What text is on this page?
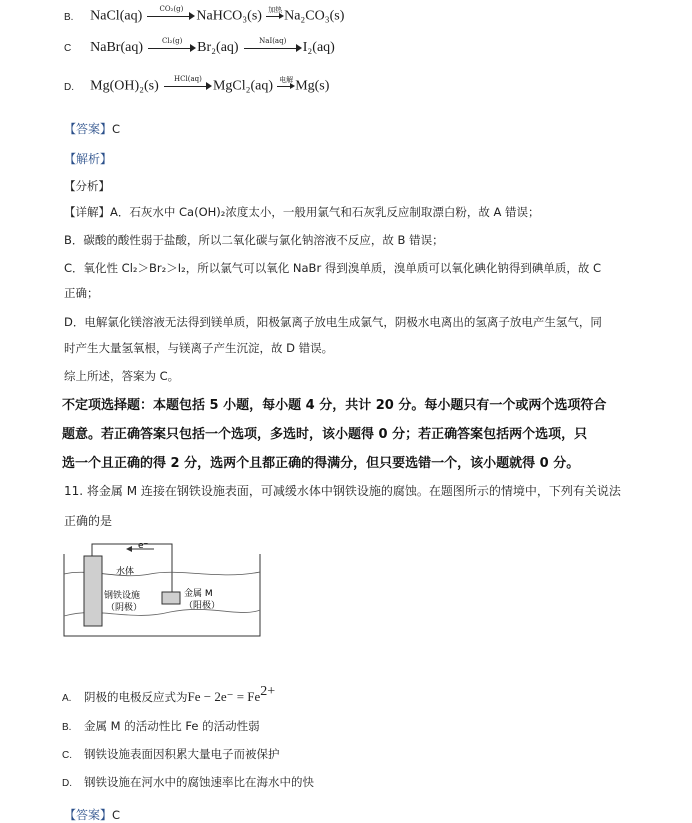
B. NaCl(aq)	CO₂(g) NaHCO₃(s) 加热 Na₂CO₃(s)
C NaBr(aq)	Cl₂(g)	Br₂(aq)	NaI(aq)	I₂(aq)
D. Mg(OH)₂(s)	HCl(aq) MgCl₂(aq) 电解 Mg(s)
【答案】C
【解析】
【分析】
【详解】A．石灰水中 Ca(OH)₂浓度太小，一般用氯气和石灰乳反应制取漂白粉，故 A 错误；
B．碳酸的酸性弱于盐酸，所以二氧化碳与氯化钠溶液不反应，故 B 错误；
C．氧化性 Cl₂＞Br₂＞I₂，所以氯气可以氧化 NaBr 得到溴单质，溴单质可以氧化碘化钠得到碘单质，故 C
正确；
D．电解氯化镁溶液无法得到镁单质，阳极氯离子放电生成氯气，阴极水电离出的氢离子放电产生氢气，同
时产生大量氢氧根，与镁离子产生沉淀，故 D 错误。
综上所述，答案为 C。
不定项选择题：本题包括 5 小题，每小题 4 分，共计 20 分。每小题只有一个或两个选项符合
题意。若正确答案只包括一个选项，多选时，该小题得 0 分；若正确答案包括两个选项，只
选一个且正确的得 2 分，选两个且都正确的得满分，但只要选错一个，该小题就得 0 分。
11. 将金属 M 连接在钢铁设施表面，可减缓水体中钢铁设施的腐蚀。在题图所示的情境中，下列有关说法
正确的是
e⁻
水体
钢铁设施
（阴极）
金属 M
（阳极）
A. 阴极的电极反应式为$Fe - 2e^- = Fe^{2+}$
B. 金属 M 的活动性比 Fe 的活动性弱
C. 钢铁设施表面因积累大量电子而被保护
D. 钢铁设施在河水中的腐蚀速率比在海水中的快
【答案】C
